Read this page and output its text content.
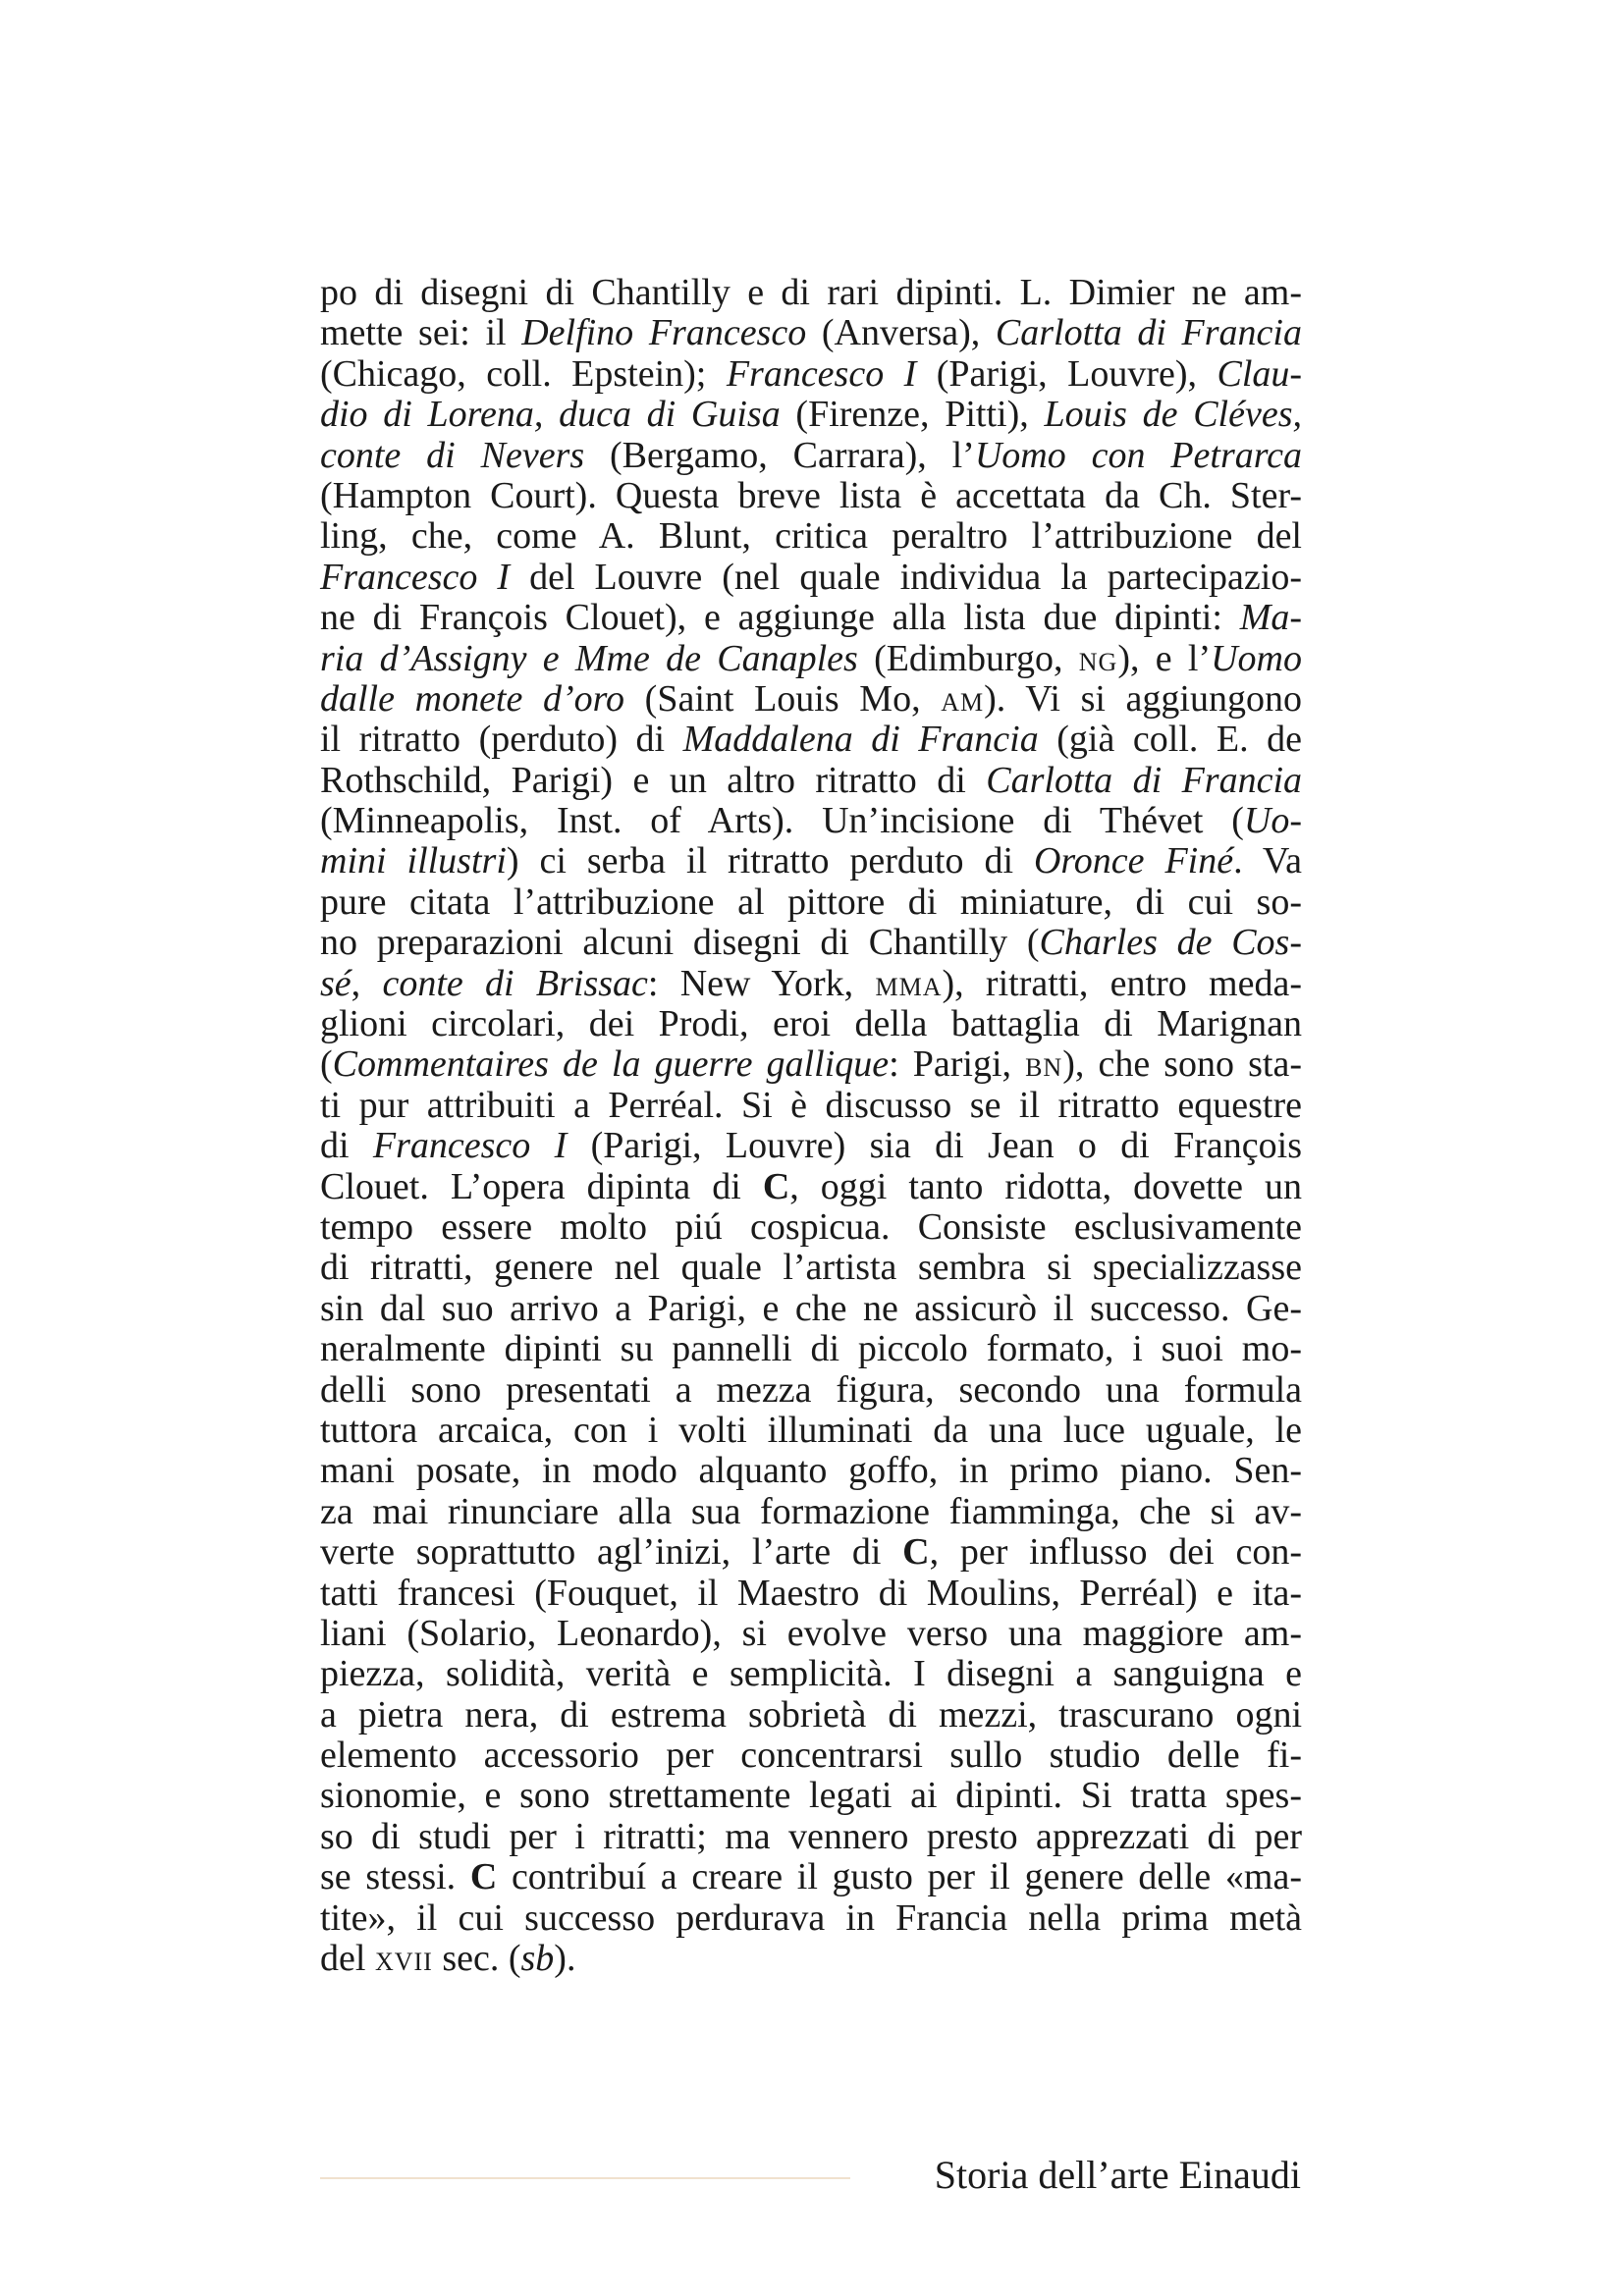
po di disegni di Chantilly e di rari dipinti. L. Dimier ne am-
mette sei: il Delfino Francesco (Anversa), Carlotta di Francia
(Chicago, coll. Epstein); Francesco I (Parigi, Louvre), Clau-
dio di Lorena, duca di Guisa (Firenze, Pitti), Louis de Cléves,
conte di Nevers (Bergamo, Carrara), l’Uomo con Petrarca
(Hampton Court). Questa breve lista è accettata da Ch. Ster-
ling, che, come A. Blunt, critica peraltro l’attribuzione del
Francesco I del Louvre (nel quale individua la partecipazio-
ne di François Clouet), e aggiunge alla lista due dipinti: Ma-
ria d’Assigny e Mme de Canaples (Edimburgo, NG), e l’Uomo
dalle monete d’oro (Saint Louis Mo, AM). Vi si aggiungono
il ritratto (perduto) di Maddalena di Francia (già coll. E. de
Rothschild, Parigi) e un altro ritratto di Carlotta di Francia
(Minneapolis, Inst. of Arts). Un’incisione di Thévet (Uo-
mini illustri) ci serba il ritratto perduto di Oronce Finé. Va
pure citata l’attribuzione al pittore di miniature, di cui so-
no preparazioni alcuni disegni di Chantilly (Charles de Cos-
sé, conte di Brissac: New York, MMA), ritratti, entro meda-
glioni circolari, dei Prodi, eroi della battaglia di Marignan
(Commentaires de la guerre gallique: Parigi, BN), che sono sta-
ti pur attribuiti a Perréal. Si è discusso se il ritratto equestre
di Francesco I (Parigi, Louvre) sia di Jean o di François
Clouet. L’opera dipinta di C, oggi tanto ridotta, dovette un
tempo essere molto piú cospicua. Consiste esclusivamente
di ritratti, genere nel quale l’artista sembra si specializzasse
sin dal suo arrivo a Parigi, e che ne assicurò il successo. Ge-
neralmente dipinti su pannelli di piccolo formato, i suoi mo-
delli sono presentati a mezza figura, secondo una formula
tuttora arcaica, con i volti illuminati da una luce uguale, le
mani posate, in modo alquanto goffo, in primo piano. Sen-
za mai rinunciare alla sua formazione fiamminga, che si av-
verte soprattutto agl’inizi, l’arte di C, per influsso dei con-
tatti francesi (Fouquet, il Maestro di Moulins, Perréal) e ita-
liani (Solario, Leonardo), si evolve verso una maggiore am-
piezza, solidità, verità e semplicità. I disegni a sanguigna e
a pietra nera, di estrema sobrietà di mezzi, trascurano ogni
elemento accessorio per concentrarsi sullo studio delle fi-
sionomie, e sono strettamente legati ai dipinti. Si tratta spes-
so di studi per i ritratti; ma vennero presto apprezzati di per
se stessi. C contribuí a creare il gusto per il genere delle «ma-
tite», il cui successo perdurava in Francia nella prima metà
del XVII sec. (sb).
Storia dell’arte Einaudi
